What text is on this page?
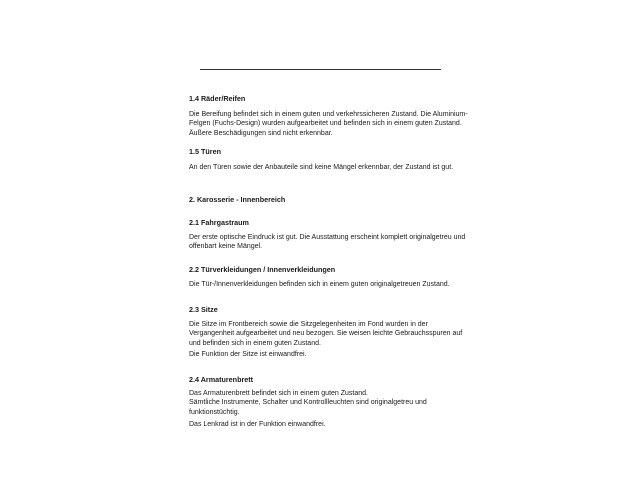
1.4 Räder/Reifen
Die Bereifung befindet sich in einem guten und verkehrssicheren Zustand. Die Aluminium-
Felgen (Fuchs-Design) wurden aufgearbeitet und befinden sich in einem guten Zustand.
Äußere Beschädigungen sind nicht erkennbar.
1.5 Türen
An den Türen sowie der Anbauteile sind keine Mängel erkennbar, der Zustand ist gut.
2. Karosserie - Innenbereich
2.1 Fahrgastraum
Der erste optische Eindruck ist gut. Die Ausstattung erscheint komplett originalgetreu und
offenbart keine Mängel.
2.2 Türverkleidungen / Innenverkleidungen
Die Tür-/Innenverkleidungen befinden sich in einem guten originalgetreuen Zustand.
2.3 Sitze
Die Sitze im Frontbereich sowie die Sitzgelegenheiten im Fond wurden in der
Vergangenheit aufgearbeitet und neu bezogen. Sie weisen leichte Gebrauchsspuren auf
und befinden sich in einem guten Zustand.
Die Funktion der Sitze ist einwandfrei.
2.4 Armaturenbrett
Das Armaturenbrett befindet sich in einem guten Zustand.
Sämtliche Instrumente, Schalter und Kontrollleuchten sind originalgetreu und
funktionstüchtig.
Das Lenkrad ist in der Funktion einwandfrei.
